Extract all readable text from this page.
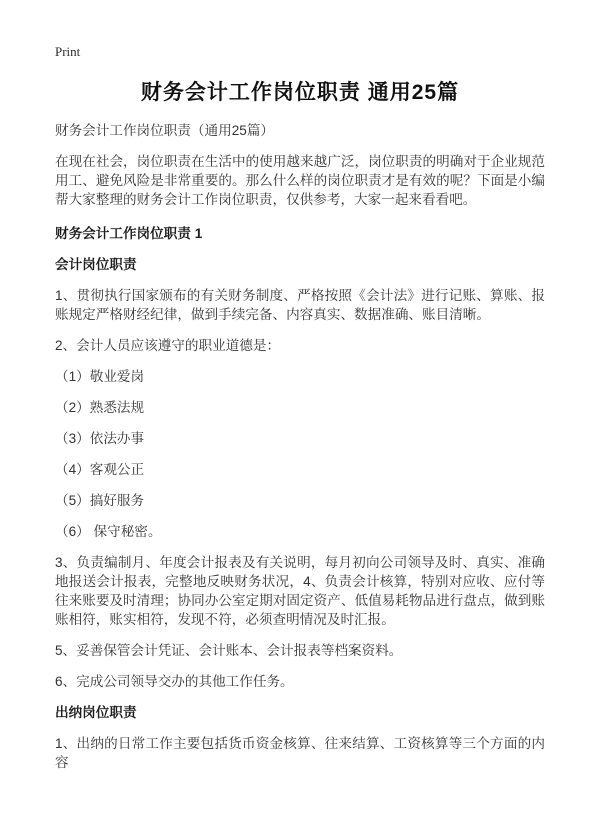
Print
财务会计工作岗位职责 通用25篇

财务会计工作岗位职责（通用25篇）

在现在社会，岗位职责在生活中的使用越来越广泛，岗位职责的明确对于企业规范用工、避免风险是非常重要的。那么什么样的岗位职责才是有效的呢？下面是小编帮大家整理的财务会计工作岗位职责，仅供参考，大家一起来看看吧。

财务会计工作岗位职责 1

会计岗位职责

1、贯彻执行国家颁布的有关财务制度、严格按照《会计法》进行记账、算账、报账规定严格财经纪律，做到手续完备、内容真实、数据准确、账目清晰。

2、会计人员应该遵守的职业道德是：

（1）敬业爱岗

（2）熟悉法规

（3）依法办事

（4）客观公正

（5）搞好服务

（6） 保守秘密。

3、负责编制月、年度会计报表及有关说明，每月初向公司领导及时、真实、准确地报送会计报表，完整地反映财务状况，4、负责会计核算，特别对应收、应付等往来账要及时清理；协同办公室定期对固定资产、低值易耗物品进行盘点，做到账账相符，账实相符，发现不符，必须查明情况及时汇报。

5、妥善保管会计凭证、会计账本、会计报表等档案资料。

6、完成公司领导交办的其他工作任务。

出纳岗位职责

1、出纳的日常工作主要包括货币资金核算、往来结算、工资核算等三个方面的内容
